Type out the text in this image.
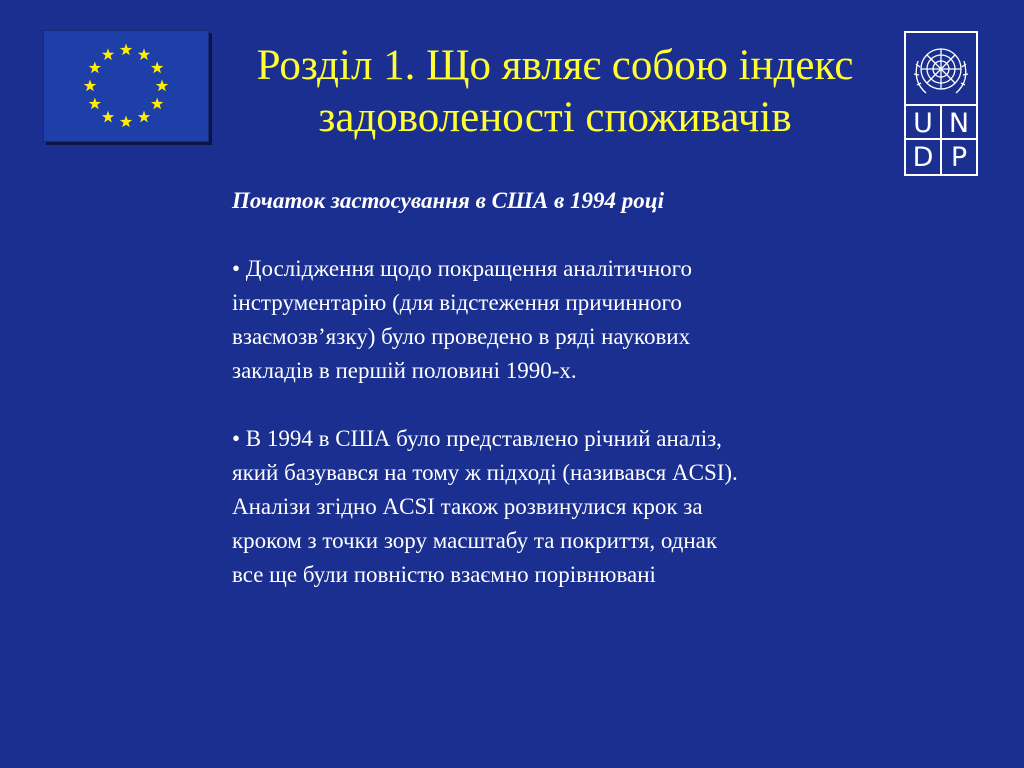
Розділ 1. Що являє собою індекс
задоволеності споживачів	U N
D P
Початок застосування в США в 1994 році
• Дослідження щодо покращення аналітичного
інструментарію (для відстеження причинного
взаємозв’язку) було проведено в ряді наукових
закладів в першій половині 1990-х.
• В 1994 в США було представлено річний аналіз,
який базувався на тому ж підході (називався ACSI).
Аналізи згідно ACSI також розвинулися крок за
кроком з точки зору масштабу та покриття, однак
все ще були повністю взаємно порівнювані
